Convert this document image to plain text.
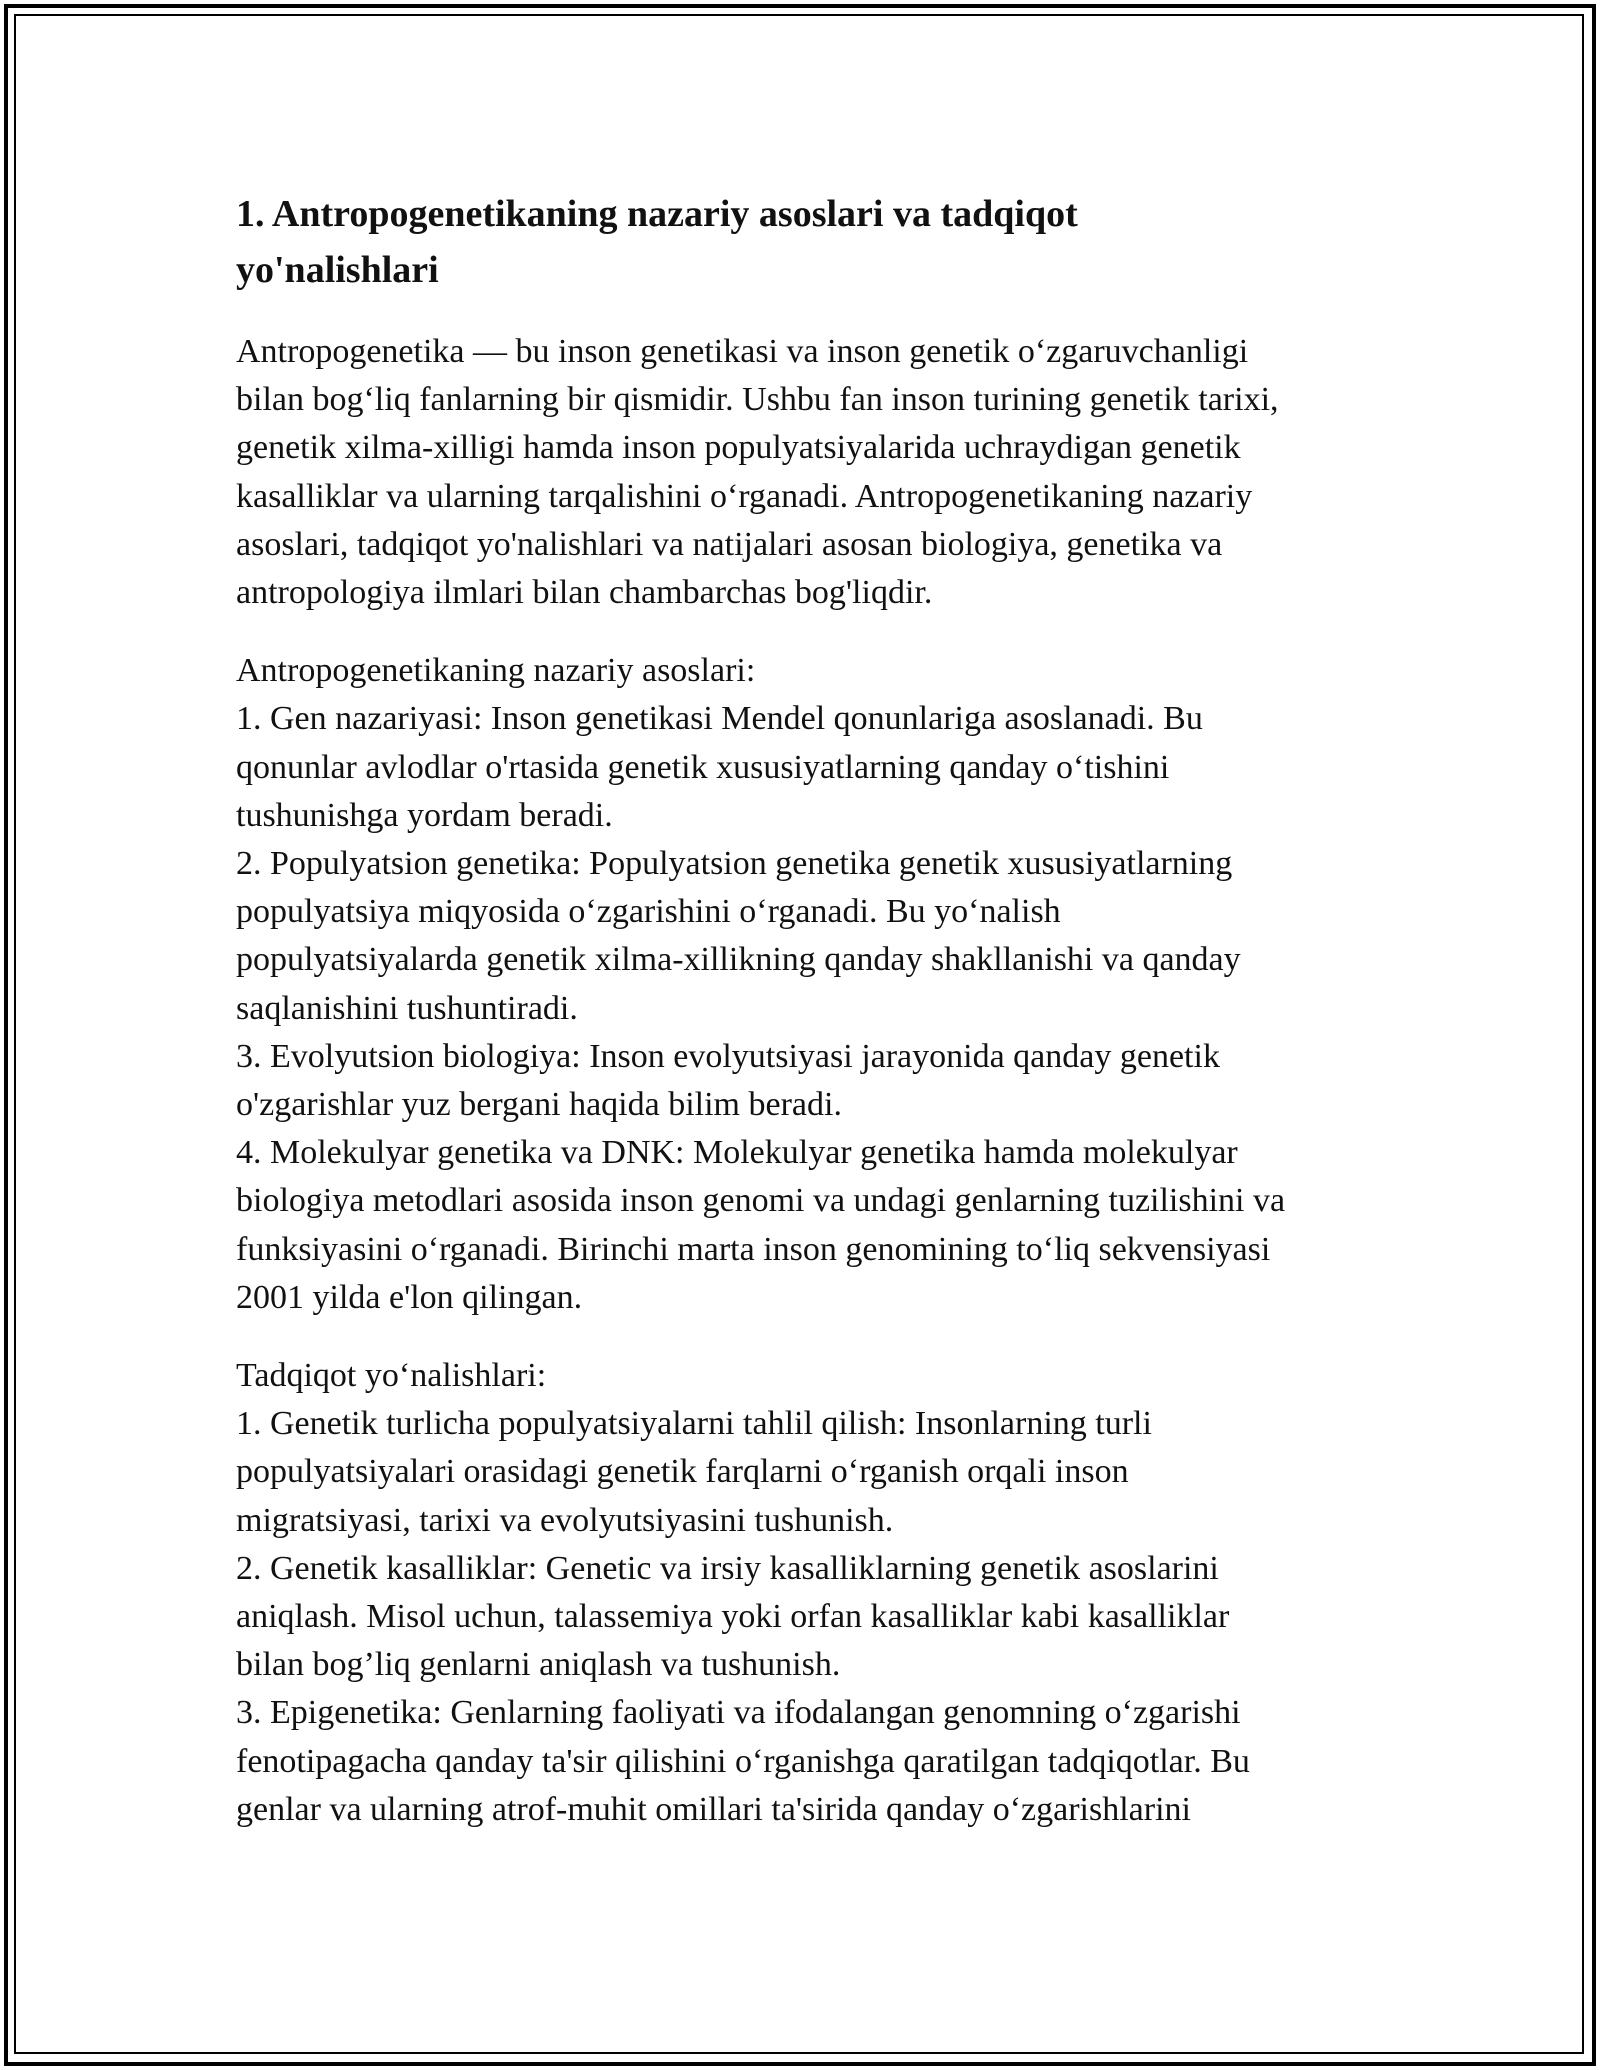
1. Antropogenetikaning nazariy asoslari va tadqiqot yo'nalishlari
Antropogenetika — bu inson genetikasi va inson genetik o‘zgaruvchanligi
bilan bog‘liq fanlarning bir qismidir. Ushbu fan inson turining genetik tarixi,
genetik xilma-xilligi hamda inson populyatsiyalarida uchraydigan genetik
kasalliklar va ularning tarqalishini o‘rganadi. Antropogenetikaning nazariy
asoslari, tadqiqot yo'nalishlari va natijalari asosan biologiya, genetika va
antropologiya ilmlari bilan chambarchas bog'liqdir.
Antropogenetikaning nazariy asoslari:
1. Gen nazariyasi: Inson genetikasi Mendel qonunlariga asoslanadi. Bu
qonunlar avlodlar o'rtasida genetik xususiyatlarning qanday o‘tishini
tushunishga yordam beradi.
2. Populyatsion genetika: Populyatsion genetika genetik xususiyatlarning
populyatsiya miqyosida o‘zgarishini o‘rganadi. Bu yo‘nalish
populyatsiyalarda genetik xilma-xillikning qanday shakllanishi va qanday
saqlanishini tushuntiradi.
3. Evolyutsion biologiya: Inson evolyutsiyasi jarayonida qanday genetik
o'zgarishlar yuz bergani haqida bilim beradi.
4. Molekulyar genetika va DNK: Molekulyar genetika hamda molekulyar
biologiya metodlari asosida inson genomi va undagi genlarning tuzilishini va
funksiyasini o‘rganadi. Birinchi marta inson genomining to‘liq sekvensiyasi
2001 yilda e'lon qilingan.
Tadqiqot yo‘nalishlari:
1. Genetik turlicha populyatsiyalarni tahlil qilish: Insonlarning turli
populyatsiyalari orasidagi genetik farqlarni o‘rganish orqali inson
migratsiyasi, tarixi va evolyutsiyasini tushunish.
2. Genetik kasalliklar: Genetic va irsiy kasalliklarning genetik asoslarini
aniqlash. Misol uchun, talassemiya yoki orfan kasalliklar kabi kasalliklar
bilan bog’liq genlarni aniqlash va tushunish.
3. Epigenetika: Genlarning faoliyati va ifodalangan genomning o‘zgarishi
fenotipagacha qanday ta'sir qilishini o‘rganishga qaratilgan tadqiqotlar. Bu
genlar va ularning atrof-muhit omillari ta'sirida qanday o‘zgarishlarini
